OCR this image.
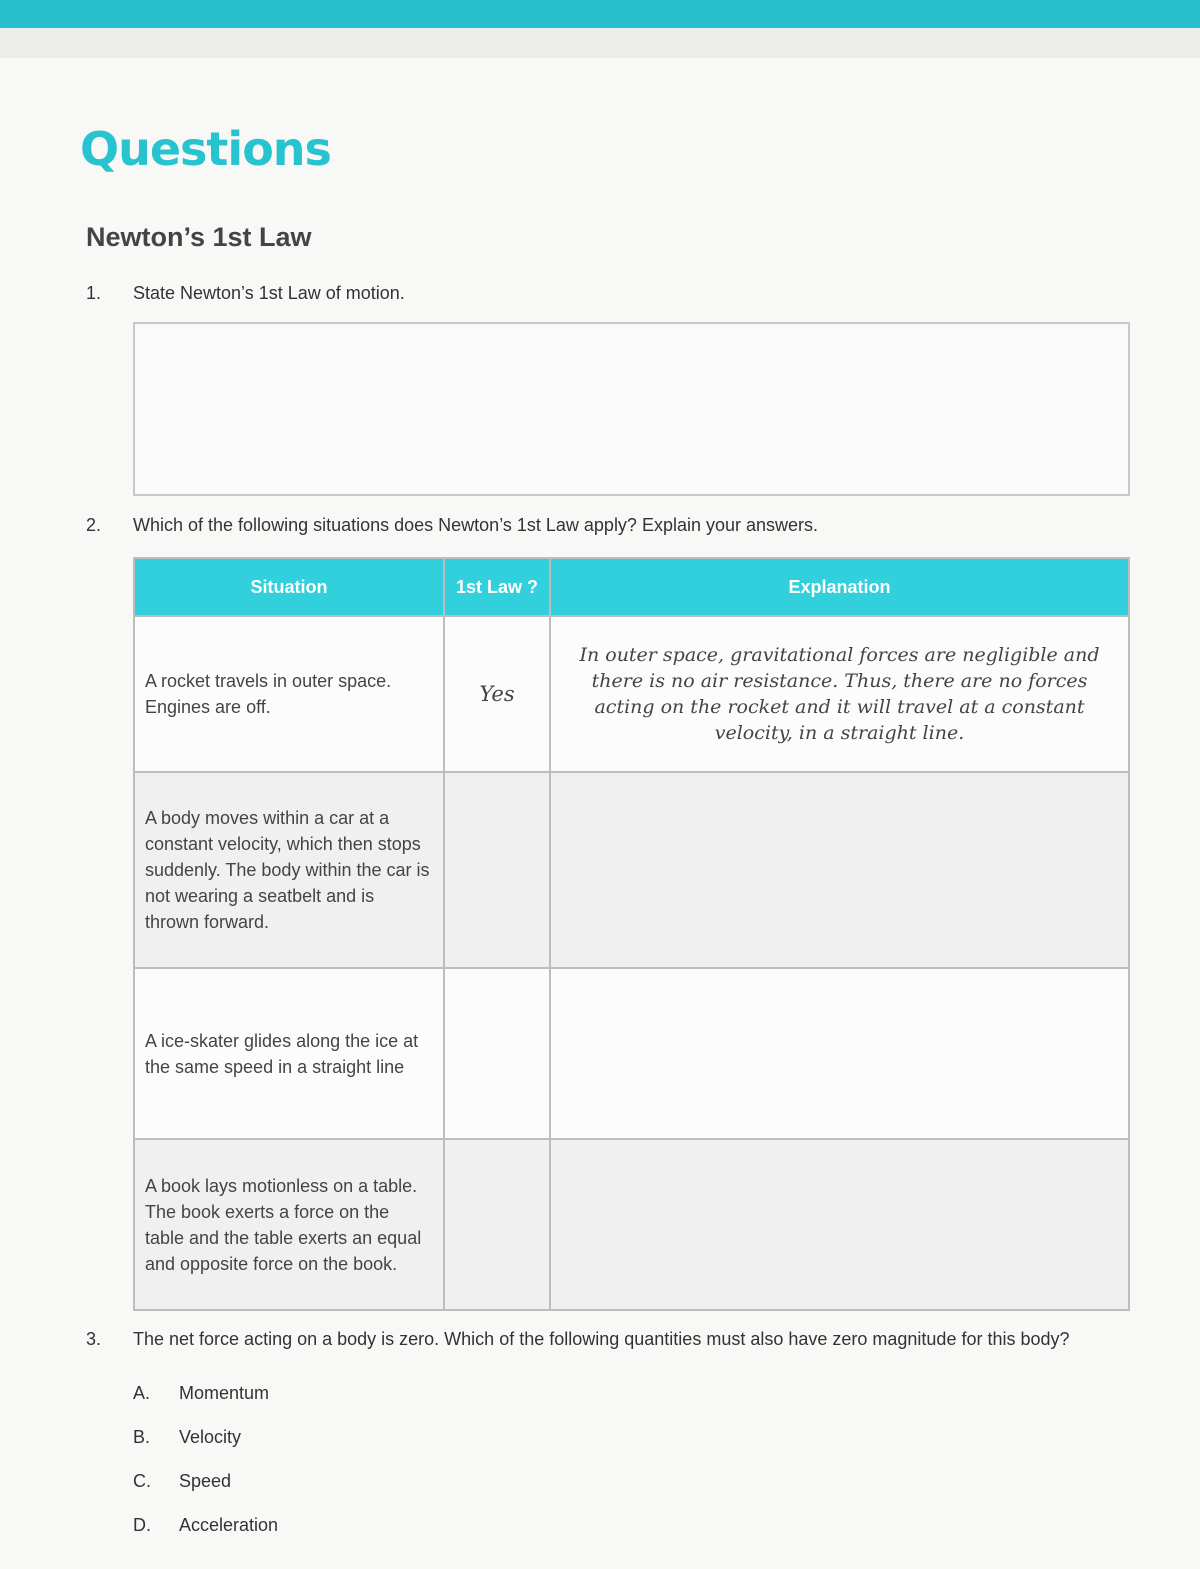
Questions
Newton’s 1st Law
1.	State Newton’s 1st Law of motion.
2.	Which of the following situations does Newton’s 1st Law apply? Explain your answers.
Situation	1st Law ?	Explanation
A rocket travels in outer space. Engines are off.	Yes	In outer space, gravitational forces are negligible and there is no air resistance. Thus, there are no forces acting on the rocket and it will travel at a constant velocity, in a straight line.
A body moves within a car at a constant velocity, which then stops suddenly. The body within the car is not wearing a seatbelt and is thrown forward.		
A ice-skater glides along the ice at the same speed in a straight line		
A book lays motionless on a table. The book exerts a force on the table and the table exerts an equal and opposite force on the book.		
3.	The net force acting on a body is zero. Which of the following quantities must also have zero magnitude for this body?
A.	Momentum
B.	Velocity
C.	Speed
D.	Acceleration
